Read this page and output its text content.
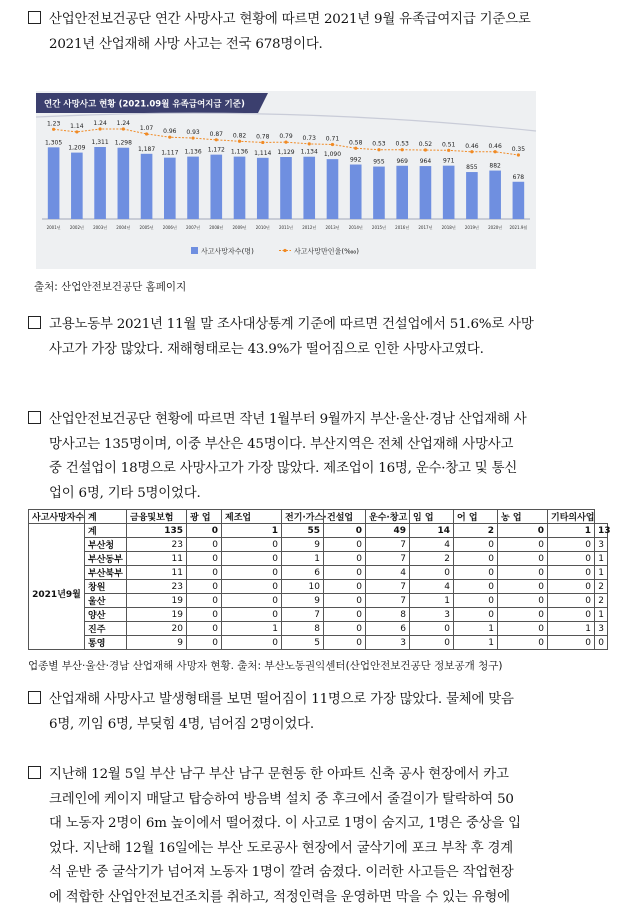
산업안전보건공단 연간 사망사고 현황에 따르면 2021년 9월 유족급여지급 기준으로
2021년 산업재해 사망 사고는 전국 678명이다.
연간 사망사고 현황 (2021.09월 유족급여지급 기준)
1,305
2001년
1,209
2002년
1,311
2003년
1,298
2004년
1,187
2005년
1,117
2006년
1,136
2007년
1,172
2008년
1,136
2009년
1,114
2010년
1,129
2011년
1,134
2012년
1,090
2013년
992
2014년
955
2015년
969
2016년
964
2017년
971
2018년
855
2019년
882
2020년
678
2021.9월
1.23 1.14 1.24 1.24
1.07 0.96 0.93 0.87 0.82 0.78 0.79 0.73 0.71
0.58 0.53 0.53 0.52 0.51 0.46 0.46 0.35
사고사망자수(명)	사고사망만인율(‱)
출처: 산업안전보건공단 홈페이지
고용노동부 2021년 11월 말 조사대상통계 기준에 따르면 건설업에서 51.6%로 사망
사고가 가장 많았다. 재해형태로는 43.9%가 떨어짐으로 인한 사망사고였다.
산업안전보건공단 현황에 따르면 작년 1월부터 9월까지 부산·울산·경남 산업재해 사
망사고는 135명이며, 이중 부산은 45명이다. 부산지역은 전체 산업재해 사망사고
중 건설업이 18명으로 사망사고가 가장 많았다. 제조업이 16명, 운수·창고 및 통신
업이 6명, 기타 5명이었다.
사고사망자수	계	금융및보험	광 업	제조업	전기·가스·	건설업	운수·창고	임 업	어 업	농 업	기타의사업	
	계	135	0	1	55	0	49	14	2	0	1	13
2021년9월	부산청	23	0	0	9	0	7	4	0	0	0	3
	부산동부	11	0	0	1	0	7	2	0	0	0	1
	부산북부	11	0	0	6	0	4	0	0	0	0	1
	창원	23	0	0	10	0	7	4	0	0	0	2
	울산	19	0	0	9	0	7	1	0	0	0	2
	양산	19	0	0	7	0	8	3	0	0	0	1
	진주	20	0	1	8	0	6	0	1	0	1	3
	통영	9	0	0	5	0	3	0	1	0	0	0
업종별 부산·울산·경남 산업재해 사망자 현황. 출처: 부산노동권익센터(산업안전보건공단 정보공개 청구)
산업재해 사망사고 발생형태를 보면 떨어짐이 11명으로 가장 많았다. 물체에 맞음
6명, 끼임 6명, 부딪힘 4명, 넘어짐 2명이었다.
지난해 12월 5일 부산 남구 부산 남구 문현동 한 아파트 신축 공사 현장에서 카고
크레인에 케이지 매달고 탑승하여 방음벽 설치 중 후크에서 줄걸이가 탈락하여 50
대 노동자 2명이 6m 높이에서 떨어졌다. 이 사고로 1명이 숨지고, 1명은 중상을 입
었다. 지난해 12월 16일에는 부산 도로공사 현장에서 굴삭기에 포크 부착 후 경계
석 운반 중 굴삭기가 넘어져 노동자 1명이 깔려 숨졌다. 이러한 사고들은 작업현장
에 적합한 산업안전보건조치를 취하고, 적정인력을 운영하면 막을 수 있는 유형에
